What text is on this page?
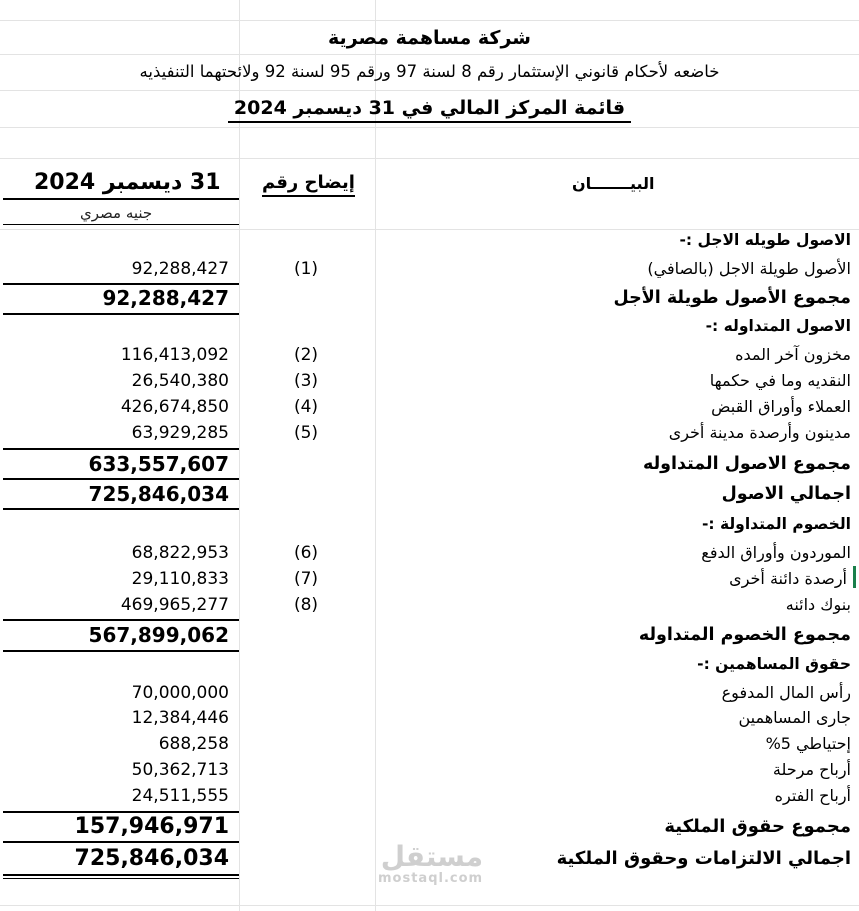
شركة مساهمة مصرية
خاضعه لأحكام قانوني الإستثمار رقم 8 لسنة 97 ورقم 95 لسنة 92 ولائحتهما التنفيذيه
قائمة المركز المالي في 31 ديسمبر 2024
31 ديسمبر 2024 إيضاح رقم	البيـــــــان
جنيه مصري
الاصول طويله الاجل :-
الأصول طويلة الاجل (بالصافي)
(1)
92,288,427
مجموع الأصول طويلة الأجل
92,288,427
الاصول المتداوله :-
مخزون آخر المده
(2)
116,413,092
النقديه وما في حكمها
(3)
26,540,380
العملاء وأوراق القبض
(4)
426,674,850
مدينون وأرصدة مدينة أخرى
(5)
63,929,285
مجموع الاصول المتداوله
633,557,607
اجمالي الاصول
725,846,034
الخصوم المتداولة :-
الموردون وأوراق الدفع
(6)
68,822,953
أرصدة دائنة أخرى
(7)
29,110,833
بنوك دائنه
(8)
469,965,277
مجموع الخصوم المتداوله
567,899,062
حقوق المساهمين :-
رأس المال المدفوع
70,000,000
جارى المساهمين
12,384,446
إحتياطي 5%
688,258
أرباح مرحلة
50,362,713
أرباح الفتره
24,511,555
مجموع حقوق الملكية
157,946,971
اجمالي الالتزامات وحقوق الملكية
725,846,034	مستقل
mostaql.com
